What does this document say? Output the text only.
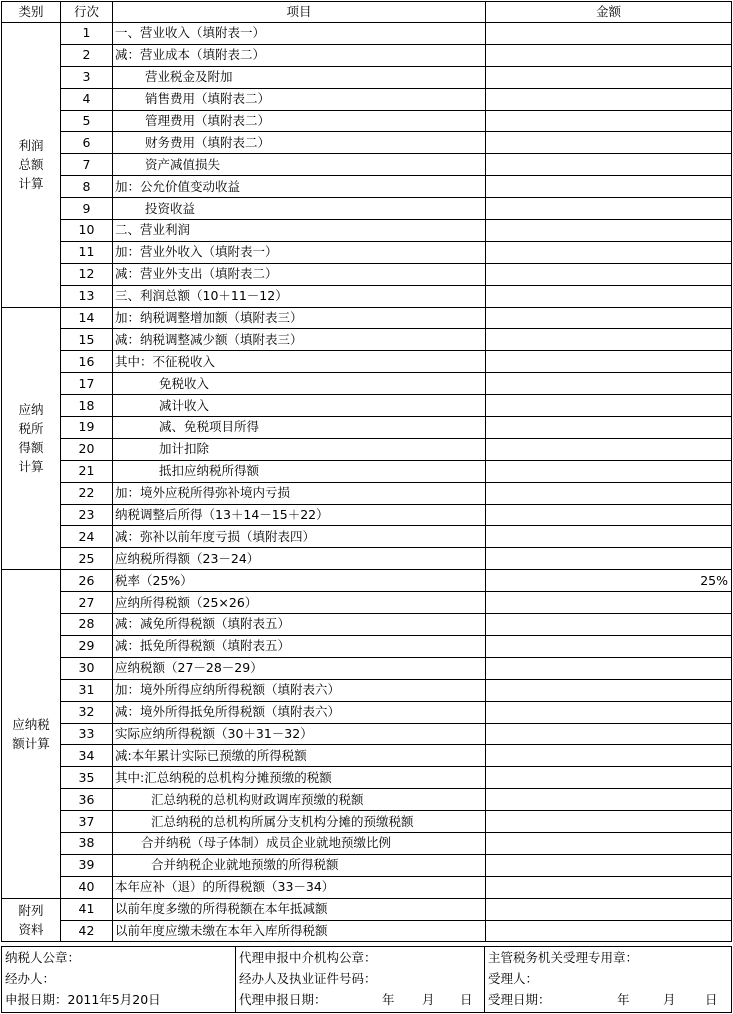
类别	行次	项目	金额

利润总额计算	1	一、营业收入（填附表一）	
	2	减：营业成本（填附表二）	
	3	营业税金及附加	
	4	销售费用（填附表二）	
	5	管理费用（填附表二）	
	6	财务费用（填附表二）	
	7	资产减值损失	
	8	加：公允价值变动收益	
	9	投资收益	
	10	二、营业利润	
	11	加：营业外收入（填附表一）	
	12	减：营业外支出（填附表二）	
	13	三、利润总额（10＋11－12）	

应纳税所得额计算	14	加：纳税调整增加额（填附表三）	
	15	减：纳税调整减少额（填附表三）	
	16	其中：不征税收入	
	17	免税收入	
	18	减计收入	
	19	减、免税项目所得	
	20	加计扣除	
	21	抵扣应纳税所得额	
	22	加：境外应税所得弥补境内亏损	
	23	纳税调整后所得（13＋14－15＋22）	
	24	减：弥补以前年度亏损（填附表四）	
	25	应纳税所得额（23－24）	

应纳税额计算	26	税率（25%）	25%
	27	应纳所得税额（25×26）	
	28	减：减免所得税额（填附表五）	
	29	减：抵免所得税额（填附表五）	
	30	应纳税额（27－28－29）	
	31	加：境外所得应纳所得税额（填附表六）	
	32	减：境外所得抵免所得税额（填附表六）	
	33	实际应纳所得税额（30＋31－32）	
	34	减:本年累计实际已预缴的所得税额	
	35	其中:汇总纳税的总机构分摊预缴的税额	
	36	汇总纳税的总机构财政调库预缴的税额	
	37	汇总纳税的总机构所属分支机构分摊的预缴税额	
	38	合并纳税（母子体制）成员企业就地预缴比例	
	39	合并纳税企业就地预缴的所得税额	
	40	本年应补（退）的所得税额（33－34）	

附列资料	41	以前年度多缴的所得税额在本年抵减额	
	42	以前年度应缴未缴在本年入库所得税额	
纳税人公章：
经办人：
申报日期：2011年5月20日

代理申报中介机构公章：
经办人及执业证件号码：
代理申报日期：	年 月 日

主管税务机关受理专用章：
受理人：
受理日期：	年	月 日
